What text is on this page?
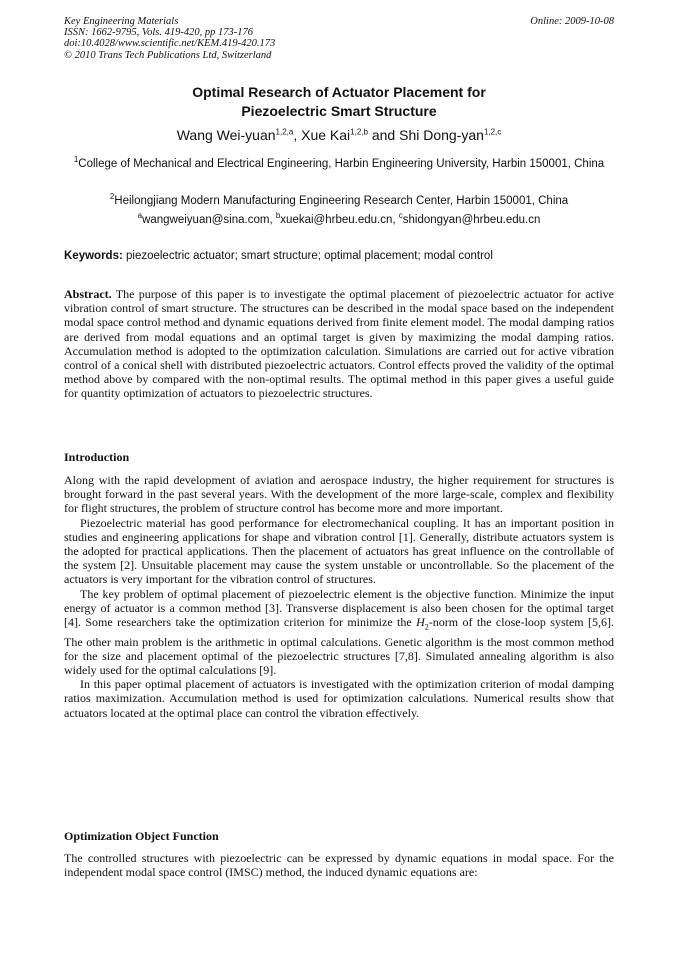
Key Engineering Materials
ISSN: 1662-9795, Vols. 419-420, pp 173-176
doi:10.4028/www.scientific.net/KEM.419-420.173
© 2010 Trans Tech Publications Ltd, Switzerland
Online: 2009-10-08
Optimal Research of Actuator Placement for
Piezoelectric Smart Structure
Wang Wei-yuan$^{1,2,a}$, Xue Kai$^{1,2,b}$ and Shi Dong-yan$^{1,2,c}$
$^1$College of Mechanical and Electrical Engineering, Harbin Engineering University, Harbin 150001, China
$^2$Heilongjiang Modern Manufacturing Engineering Research Center, Harbin 150001, China
$^a$wangweiyuan@sina.com, $^b$xuekai@hrbeu.edu.cn, $^c$shidongyan@hrbeu.edu.cn
Keywords: piezoelectric actuator; smart structure; optimal placement; modal control
Abstract. The purpose of this paper is to investigate the optimal placement of piezoelectric actuator for active vibration control of smart structure. The structures can be described in the modal space based on the independent modal space control method and dynamic equations derived from finite element model. The modal damping ratios are derived from modal equations and an optimal target is given by maximizing the modal damping ratios. Accumulation method is adopted to the optimization calculation. Simulations are carried out for active vibration control of a conical shell with distributed piezoelectric actuators. Control effects proved the validity of the optimal method above by compared with the non-optimal results. The optimal method in this paper gives a useful guide for quantity optimization of actuators to piezoelectric structures.
Introduction

Along with the rapid development of aviation and aerospace industry, the higher requirement for structures is brought forward in the past several years. With the development of the more large-scale, complex and flexibility for flight structures, the problem of structure control has become more and more important.

Piezoelectric material has good performance for electromechanical coupling. It has an important position in studies and engineering applications for shape and vibration control [1]. Generally, distribute actuators system is the adopted for practical applications. Then the placement of actuators has great influence on the controllable of the system [2]. Unsuitable placement may cause the system unstable or uncontrollable. So the placement of the actuators is very important for the vibration control of structures.

The key problem of optimal placement of piezoelectric element is the objective function. Minimize the input energy of actuator is a common method [3]. Transverse displacement is also been chosen for the optimal target [4]. Some researchers take the optimization criterion for minimize the $H_2$-norm of the close-loop system [5,6]. The other main problem is the arithmetic in optimal calculations. Genetic algorithm is the most common method for the size and placement optimal of the piezoelectric structures [7,8]. Simulated annealing algorithm is also widely used for the optimal calculations [9].

In this paper optimal placement of actuators is investigated with the optimization criterion of modal damping ratios maximization. Accumulation method is used for optimization calculations. Numerical results show that actuators located at the optimal place can control the vibration effectively.

Optimization Object Function
The controlled structures with piezoelectric can be expressed by dynamic equations in modal space. For the independent modal space control (IMSC) method, the induced dynamic equations are:
